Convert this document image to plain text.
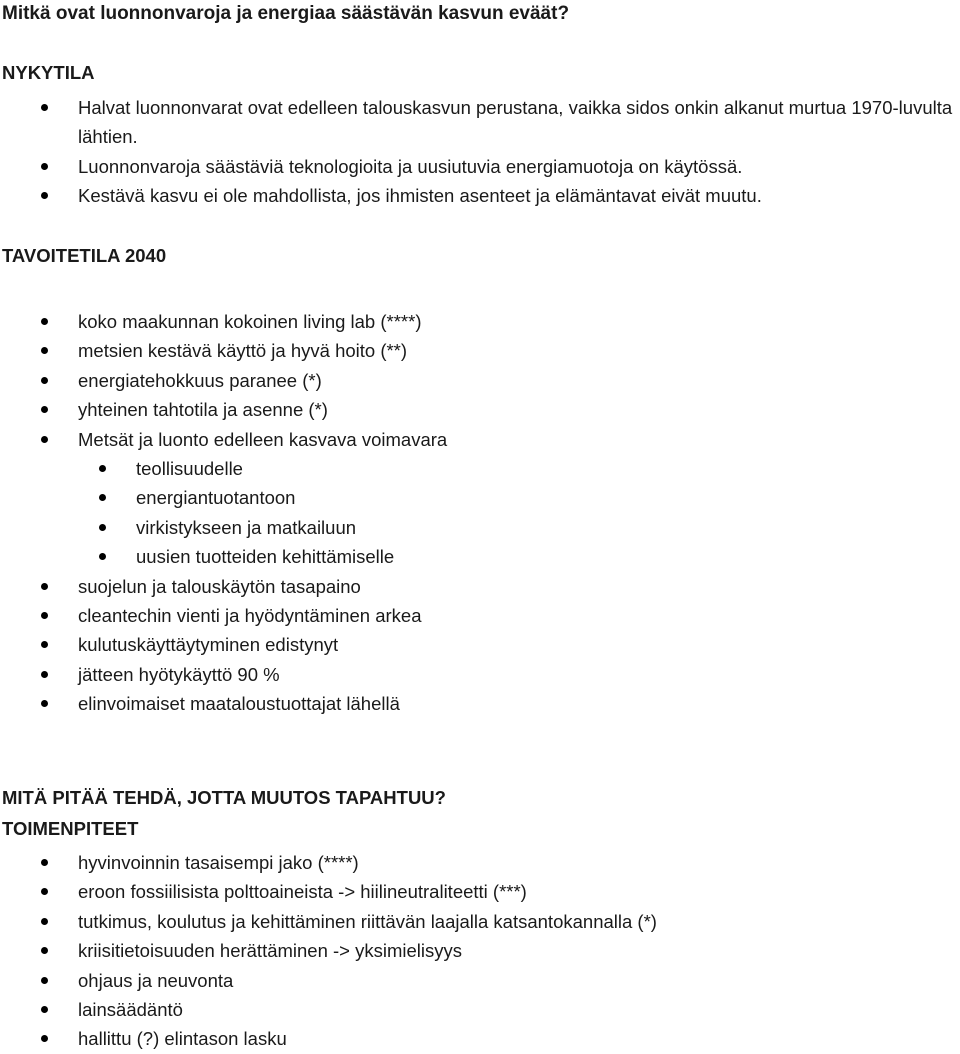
Mitkä ovat luonnonvaroja ja energiaa säästävän kasvun eväät?
NYKYTILA
Halvat luonnonvarat ovat edelleen talouskasvun perustana, vaikka sidos onkin alkanut murtua 1970-luvulta lähtien.
Luonnonvaroja säästäviä teknologioita ja uusiutuvia energiamuotoja on käytössä.
Kestävä kasvu ei ole mahdollista, jos ihmisten asenteet ja elämäntavat eivät muutu.
TAVOITETILA 2040
koko maakunnan kokoinen living lab (****)
metsien kestävä käyttö ja hyvä hoito (**)
energiatehokkuus paranee (*)
yhteinen tahtotila ja asenne (*)
Metsät ja luonto edelleen kasvava voimavara
teollisuudelle
energiantuotantoon
virkistykseen ja matkailuun
uusien tuotteiden kehittämiselle
suojelun ja talouskäytön tasapaino
cleantechin vienti ja hyödyntäminen arkea
kulutuskäyttäytyminen edistynyt
jätteen hyötykäyttö 90 %
elinvoimaiset maataloustuottajat lähellä
MITÄ PITÄÄ TEHDÄ, JOTTA MUUTOS TAPAHTUU?
TOIMENPITEET
hyvinvoinnin tasaisempi jako (****)
eroon fossiilisista polttoaineista -> hiilineutraliteetti (***)
tutkimus, koulutus ja kehittäminen riittävän laajalla katsantokannalla (*)
kriisitietoisuuden herättäminen -> yksimielisyys
ohjaus ja neuvonta
lainsäädäntö
hallittu (?) elintason lasku
